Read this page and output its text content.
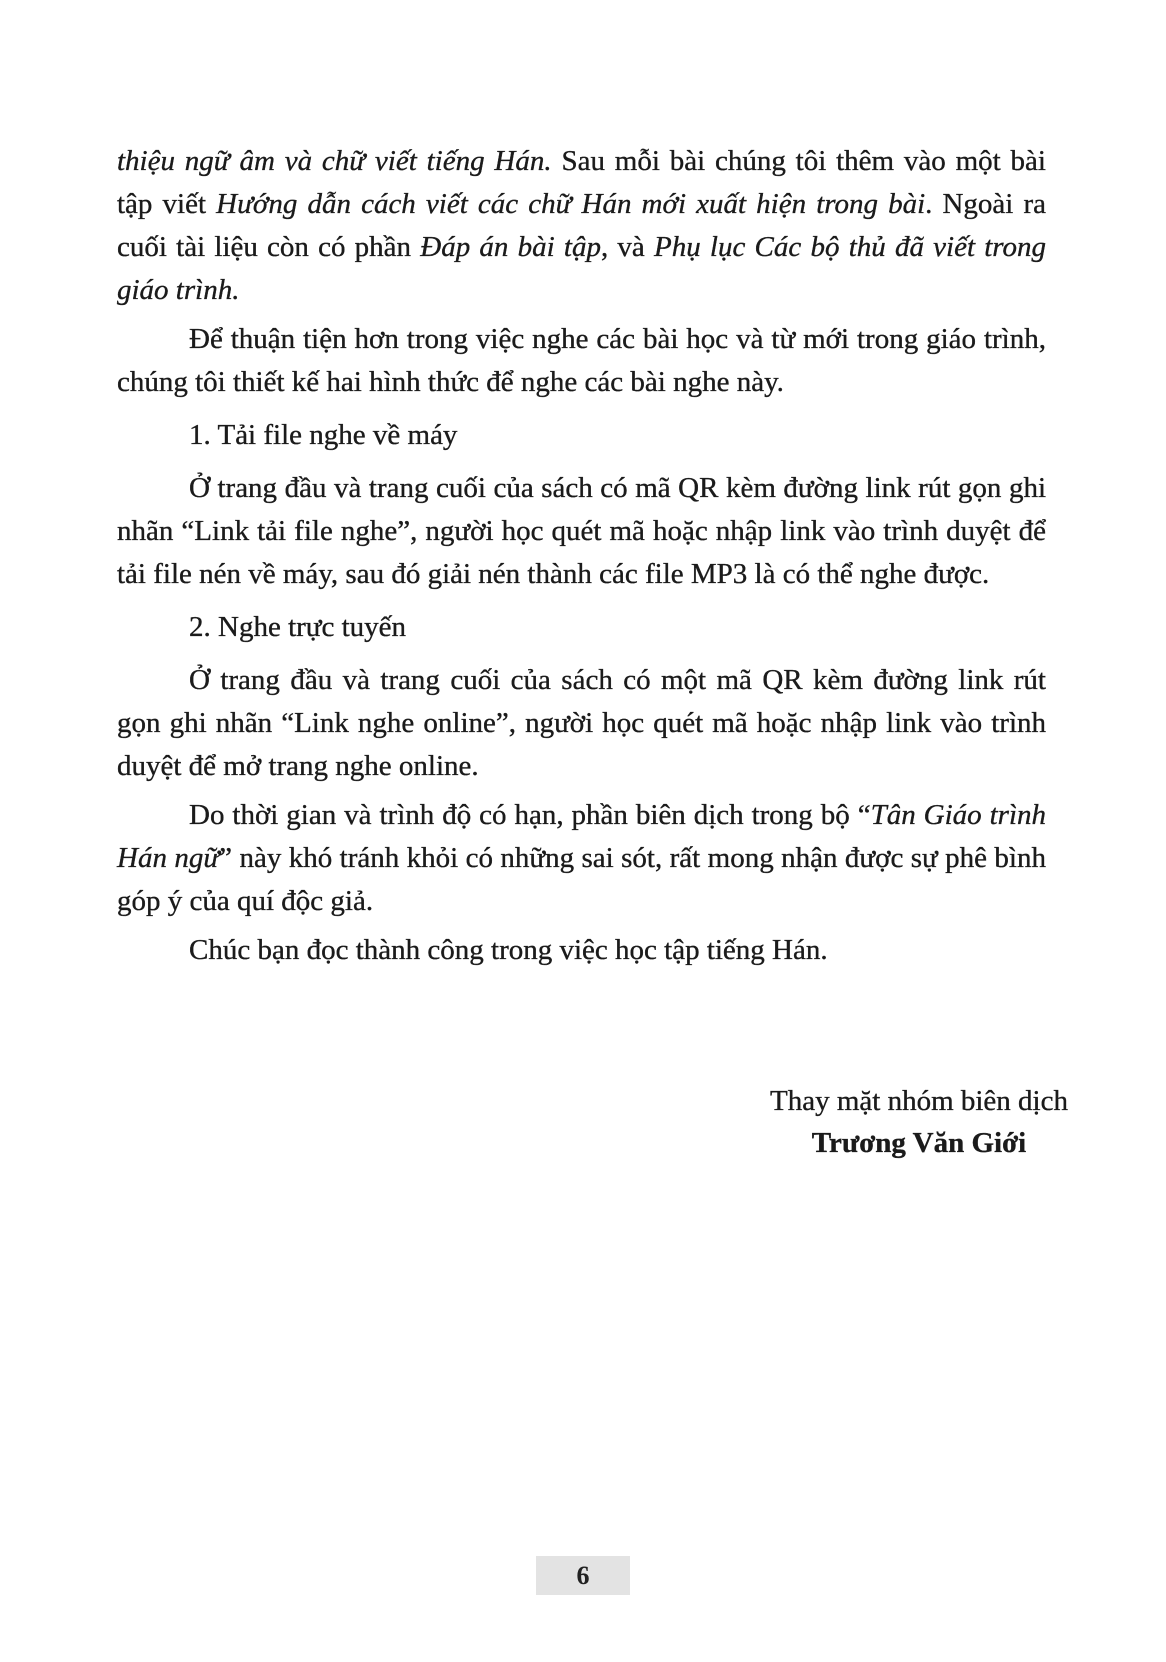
thiệu ngữ âm và chữ viết tiếng Hán. Sau mỗi bài chúng tôi thêm vào một bài tập viết Hướng dẫn cách viết các chữ Hán mới xuất hiện trong bài. Ngoài ra cuối tài liệu còn có phần Đáp án bài tập, và Phụ lục Các bộ thủ đã viết trong giáo trình.

Để thuận tiện hơn trong việc nghe các bài học và từ mới trong giáo trình, chúng tôi thiết kế hai hình thức để nghe các bài nghe này.

1. Tải file nghe về máy

Ở trang đầu và trang cuối của sách có mã QR kèm đường link rút gọn ghi nhãn “Link tải file nghe”, người học quét mã hoặc nhập link vào trình duyệt để tải file nén về máy, sau đó giải nén thành các file MP3 là có thể nghe được.

2. Nghe trực tuyến

Ở trang đầu và trang cuối của sách có một mã QR kèm đường link rút gọn ghi nhãn “Link nghe online”, người học quét mã hoặc nhập link vào trình duyệt để mở trang nghe online.

Do thời gian và trình độ có hạn, phần biên dịch trong bộ “Tân Giáo trình Hán ngữ” này khó tránh khỏi có những sai sót, rất mong nhận được sự phê bình góp ý của quí độc giả.

Chúc bạn đọc thành công trong việc học tập tiếng Hán.

Thay mặt nhóm biên dịch

Trương Văn Giới

6
